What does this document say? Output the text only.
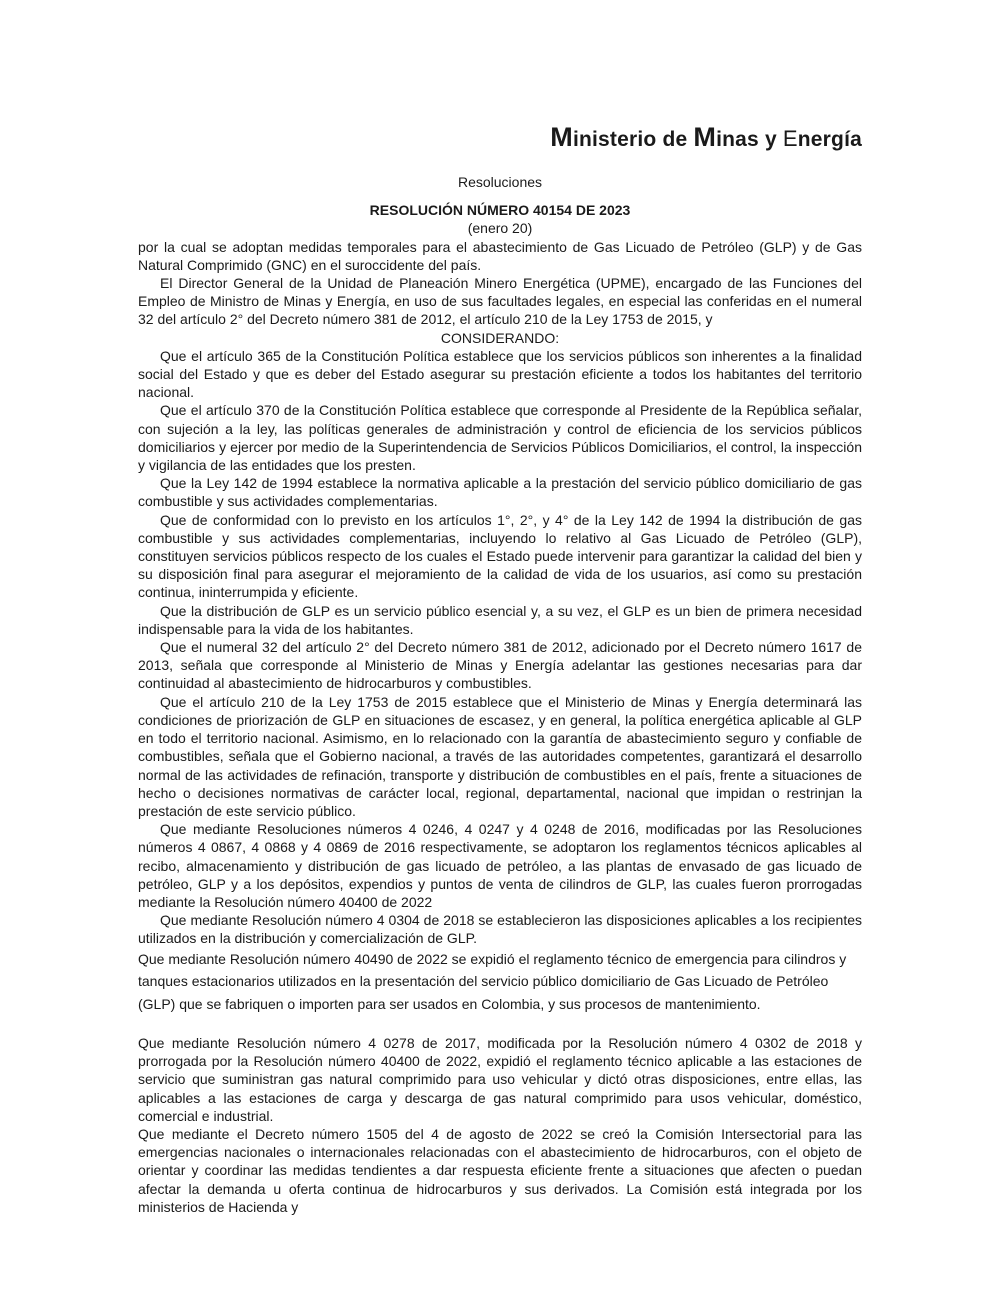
Ministerio de Minas y Energía

Resoluciones

RESOLUCIÓN NÚMERO 40154 DE 2023

(enero 20)

por la cual se adoptan medidas temporales para el abastecimiento de Gas Licuado de Petróleo (GLP) y de Gas Natural Comprimido (GNC) en el suroccidente del país.

El Director General de la Unidad de Planeación Minero Energética (UPME), encargado de las Funciones del Empleo de Ministro de Minas y Energía, en uso de sus facultades legales, en especial las conferidas en el numeral 32 del artículo 2° del Decreto número 381 de 2012, el artículo 210 de la Ley 1753 de 2015, y

CONSIDERANDO:

Que el artículo 365 de la Constitución Política establece que los servicios públicos son inherentes a la finalidad social del Estado y que es deber del Estado asegurar su prestación eficiente a todos los habitantes del territorio nacional.

Que el artículo 370 de la Constitución Política establece que corresponde al Presidente de la República señalar, con sujeción a la ley, las políticas generales de administración y control de eficiencia de los servicios públicos domiciliarios y ejercer por medio de la Superintendencia de Servicios Públicos Domiciliarios, el control, la inspección y vigilancia de las entidades que los presten.

Que la Ley 142 de 1994 establece la normativa aplicable a la prestación del servicio público domiciliario de gas combustible y sus actividades complementarias.

Que de conformidad con lo previsto en los artículos 1°, 2°, y 4° de la Ley 142 de 1994 la distribución de gas combustible y sus actividades complementarias, incluyendo lo relativo al Gas Licuado de Petróleo (GLP), constituyen servicios públicos respecto de los cuales el Estado puede intervenir para garantizar la calidad del bien y su disposición final para asegurar el mejoramiento de la calidad de vida de los usuarios, así como su prestación continua, ininterrumpida y eficiente.

Que la distribución de GLP es un servicio público esencial y, a su vez, el GLP es un bien de primera necesidad indispensable para la vida de los habitantes.

Que el numeral 32 del artículo 2° del Decreto número 381 de 2012, adicionado por el Decreto número 1617 de 2013, señala que corresponde al Ministerio de Minas y Energía adelantar las gestiones necesarias para dar continuidad al abastecimiento de hidrocarburos y combustibles.

Que el artículo 210 de la Ley 1753 de 2015 establece que el Ministerio de Minas y Energía determinará las condiciones de priorización de GLP en situaciones de escasez, y en general, la política energética aplicable al GLP en todo el territorio nacional. Asimismo, en lo relacionado con la garantía de abastecimiento seguro y confiable de combustibles, señala que el Gobierno nacional, a través de las autoridades competentes, garantizará el desarrollo normal de las actividades de refinación, transporte y distribución de combustibles en el país, frente a situaciones de hecho o decisiones normativas de carácter local, regional, departamental, nacional que impidan o restrinjan la prestación de este servicio público.

Que mediante Resoluciones números 4 0246, 4 0247 y 4 0248 de 2016, modificadas por las Resoluciones números 4 0867, 4 0868 y 4 0869 de 2016 respectivamente, se adoptaron los reglamentos técnicos aplicables al recibo, almacenamiento y distribución de gas licuado de petróleo, a las plantas de envasado de gas licuado de petróleo, GLP y a los depósitos, expendios y puntos de venta de cilindros de GLP, las cuales fueron prorrogadas mediante la Resolución número 40400 de 2022

Que mediante Resolución número 4 0304 de 2018 se establecieron las disposiciones aplicables a los recipientes utilizados en la distribución y comercialización de GLP.

Que mediante Resolución número 40490 de 2022 se expidió el reglamento técnico de emergencia para cilindros y tanques estacionarios utilizados en la presentación del servicio público domiciliario de Gas Licuado de Petróleo (GLP) que se fabriquen o importen para ser usados en Colombia, y sus procesos de mantenimiento.

Que mediante Resolución número 4 0278 de 2017, modificada por la Resolución número 4 0302 de 2018 y prorrogada por la Resolución número 40400 de 2022, expidió el reglamento técnico aplicable a las estaciones de servicio que suministran gas natural comprimido para uso vehicular y dictó otras disposiciones, entre ellas, las aplicables a las estaciones de carga y descarga de gas natural comprimido para usos vehicular, doméstico, comercial e industrial.

Que mediante el Decreto número 1505 del 4 de agosto de 2022 se creó la Comisión Intersectorial para las emergencias nacionales o internacionales relacionadas con el abastecimiento de hidrocarburos, con el objeto de orientar y coordinar las medidas tendientes a dar respuesta eficiente frente a situaciones que afecten o puedan afectar la demanda u oferta continua de hidrocarburos y sus derivados. La Comisión está integrada por los ministerios de Hacienda y
